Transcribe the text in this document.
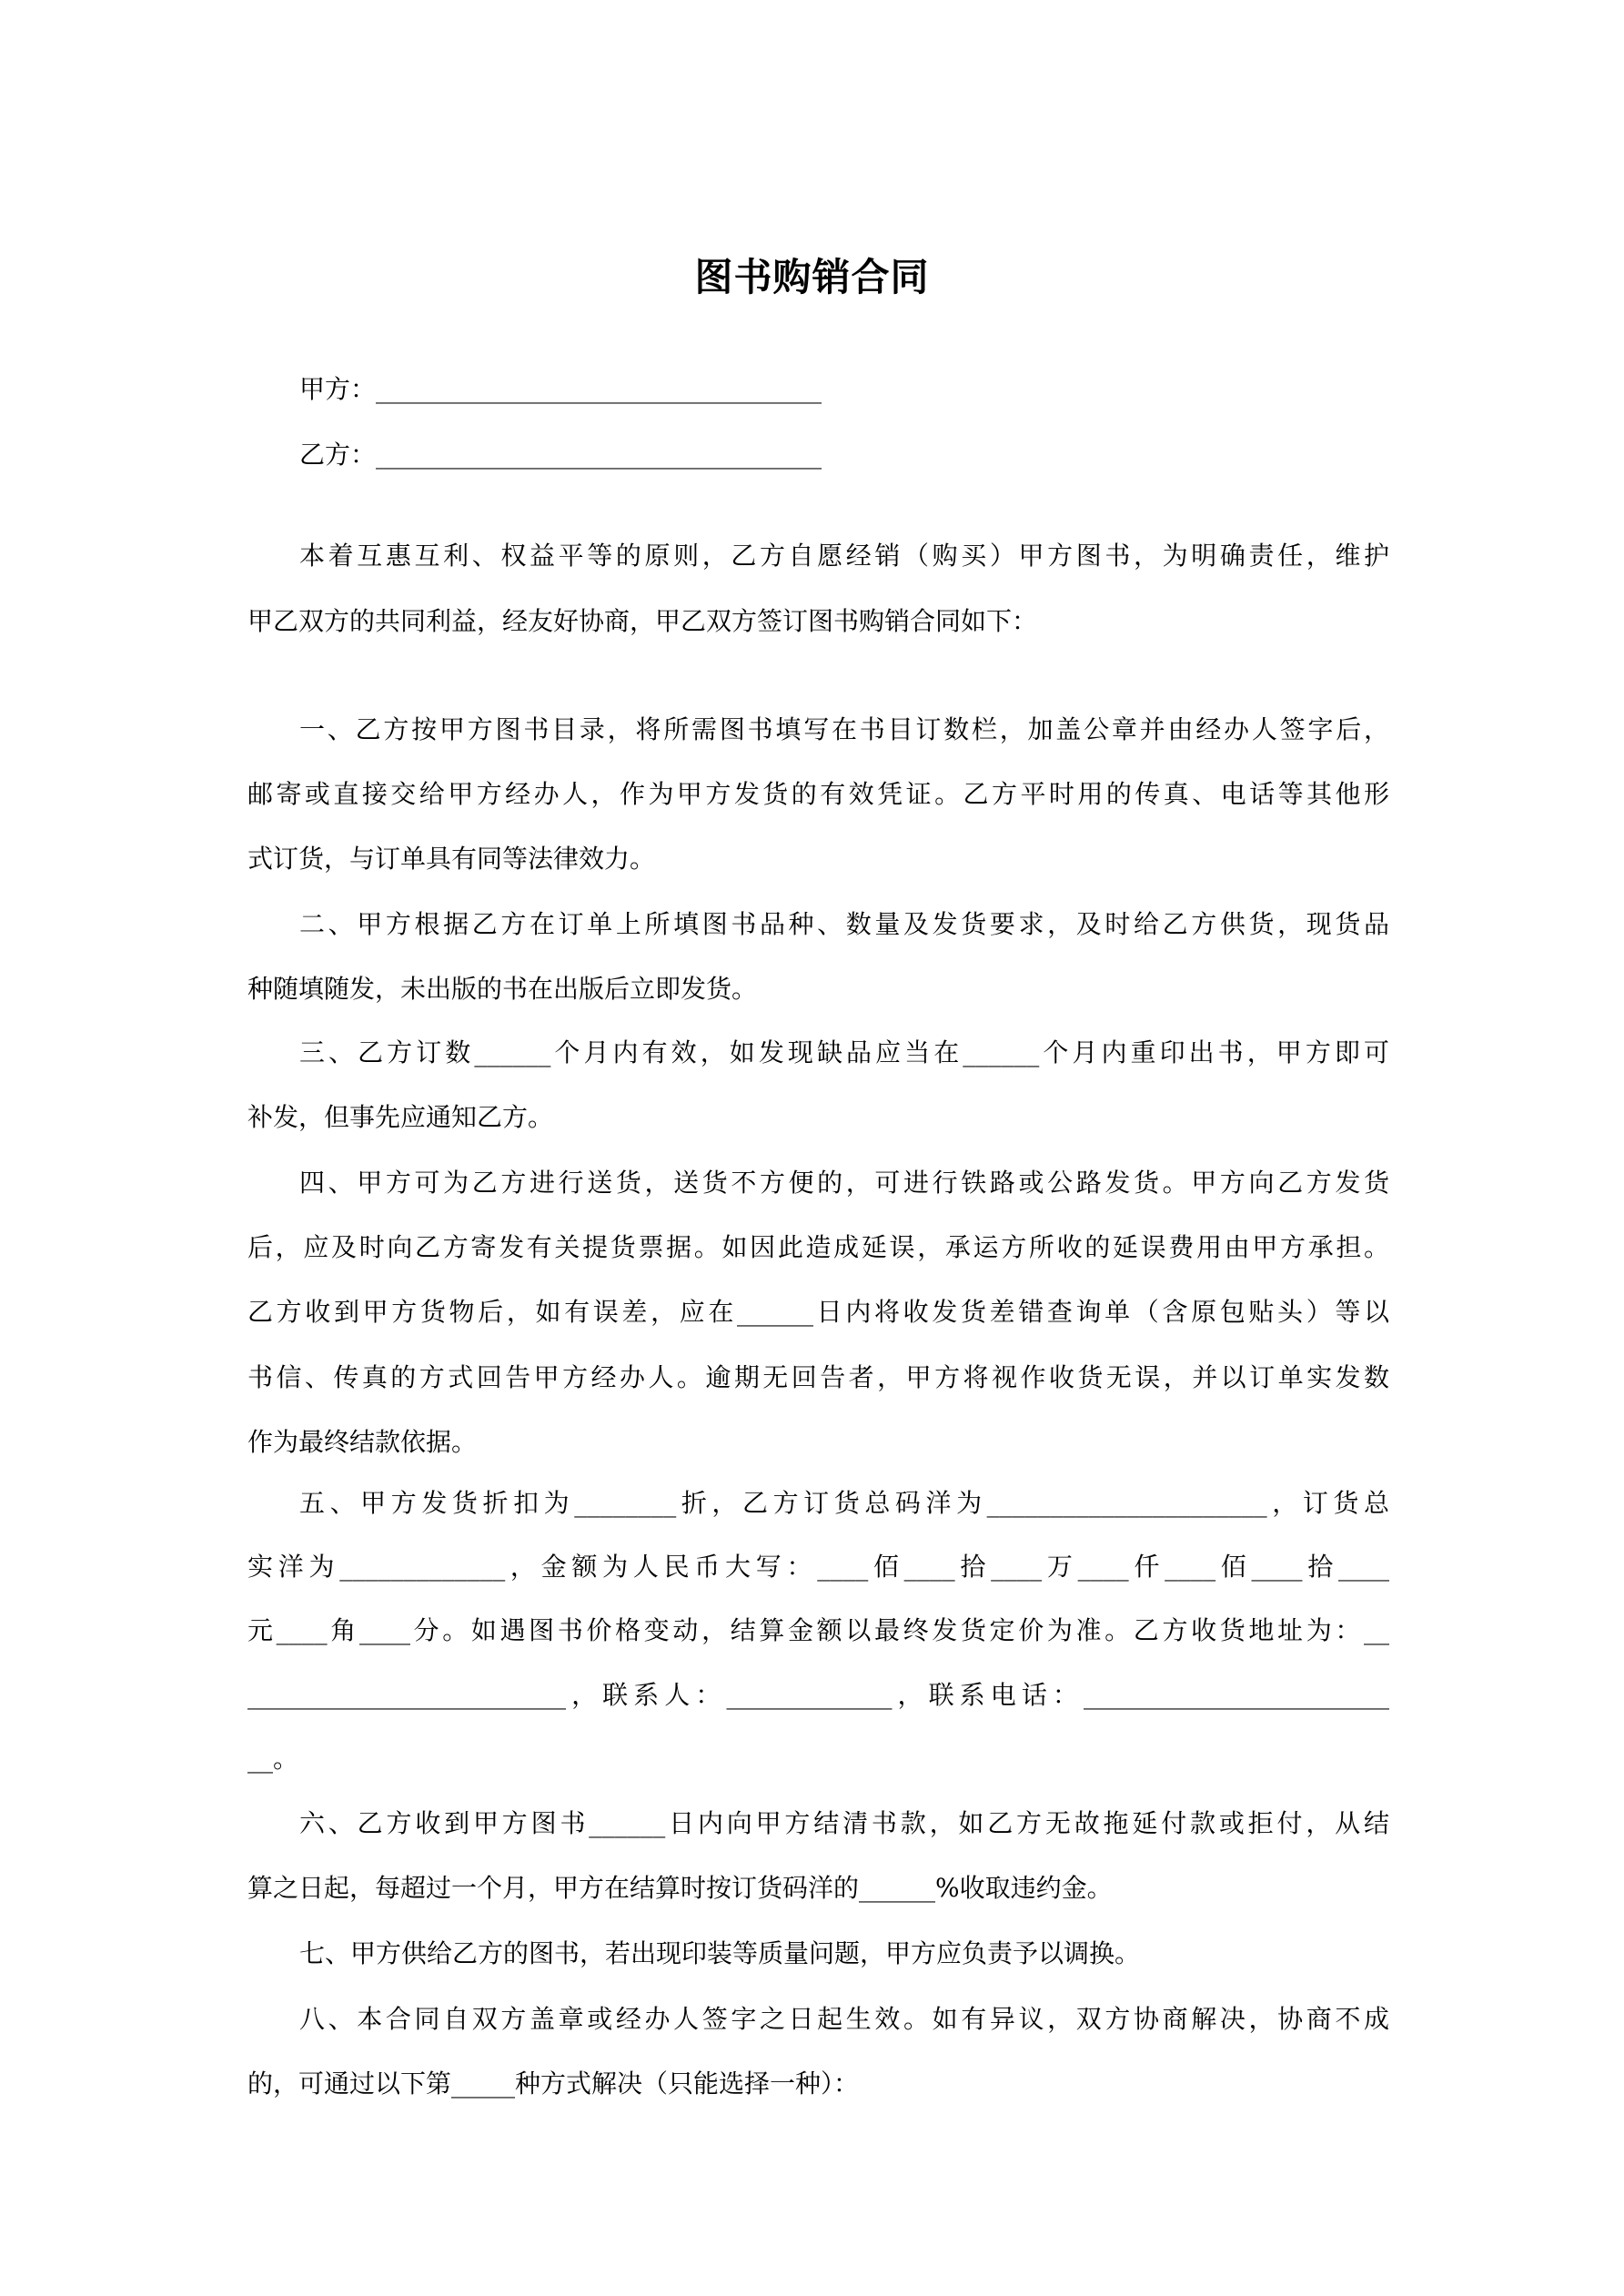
图书购销合同
甲方：___________________________________
乙方：___________________________________
本着互惠互利、权益平等的原则，乙方自愿经销（购买）甲方图书，为明确责任，维护
甲乙双方的共同利益，经友好协商，甲乙双方签订图书购销合同如下：
一、乙方按甲方图书目录，将所需图书填写在书目订数栏，加盖公章并由经办人签字后，
邮寄或直接交给甲方经办人，作为甲方发货的有效凭证。乙方平时用的传真、电话等其他形
式订货，与订单具有同等法律效力。
二、甲方根据乙方在订单上所填图书品种、数量及发货要求，及时给乙方供货，现货品
种随填随发，未出版的书在出版后立即发货。
三、乙方订数______个月内有效，如发现缺品应当在______个月内重印出书，甲方即可
补发，但事先应通知乙方。
四、甲方可为乙方进行送货，送货不方便的，可进行铁路或公路发货。甲方向乙方发货
后，应及时向乙方寄发有关提货票据。如因此造成延误，承运方所收的延误费用由甲方承担。
乙方收到甲方货物后，如有误差，应在______日内将收发货差错查询单（含原包贴头）等以
书信、传真的方式回告甲方经办人。逾期无回告者，甲方将视作收货无误，并以订单实发数
作为最终结款依据。
五、甲方发货折扣为________折，乙方订货总码洋为______________________，订货总
实洋为_____________，金额为人民币大写：____佰____拾____万____仟____佰____拾____
元____角____分。如遇图书价格变动，结算金额以最终发货定价为准。乙方收货地址为：__
_________________________，联系人：_____________，联系电话：________________________
__。
六、乙方收到甲方图书______日内向甲方结清书款，如乙方无故拖延付款或拒付，从结
算之日起，每超过一个月，甲方在结算时按订货码洋的______%收取违约金。
七、甲方供给乙方的图书，若出现印装等质量问题，甲方应负责予以调换。
八、本合同自双方盖章或经办人签字之日起生效。如有异议，双方协商解决，协商不成
的，可通过以下第_____种方式解决（只能选择一种）：
